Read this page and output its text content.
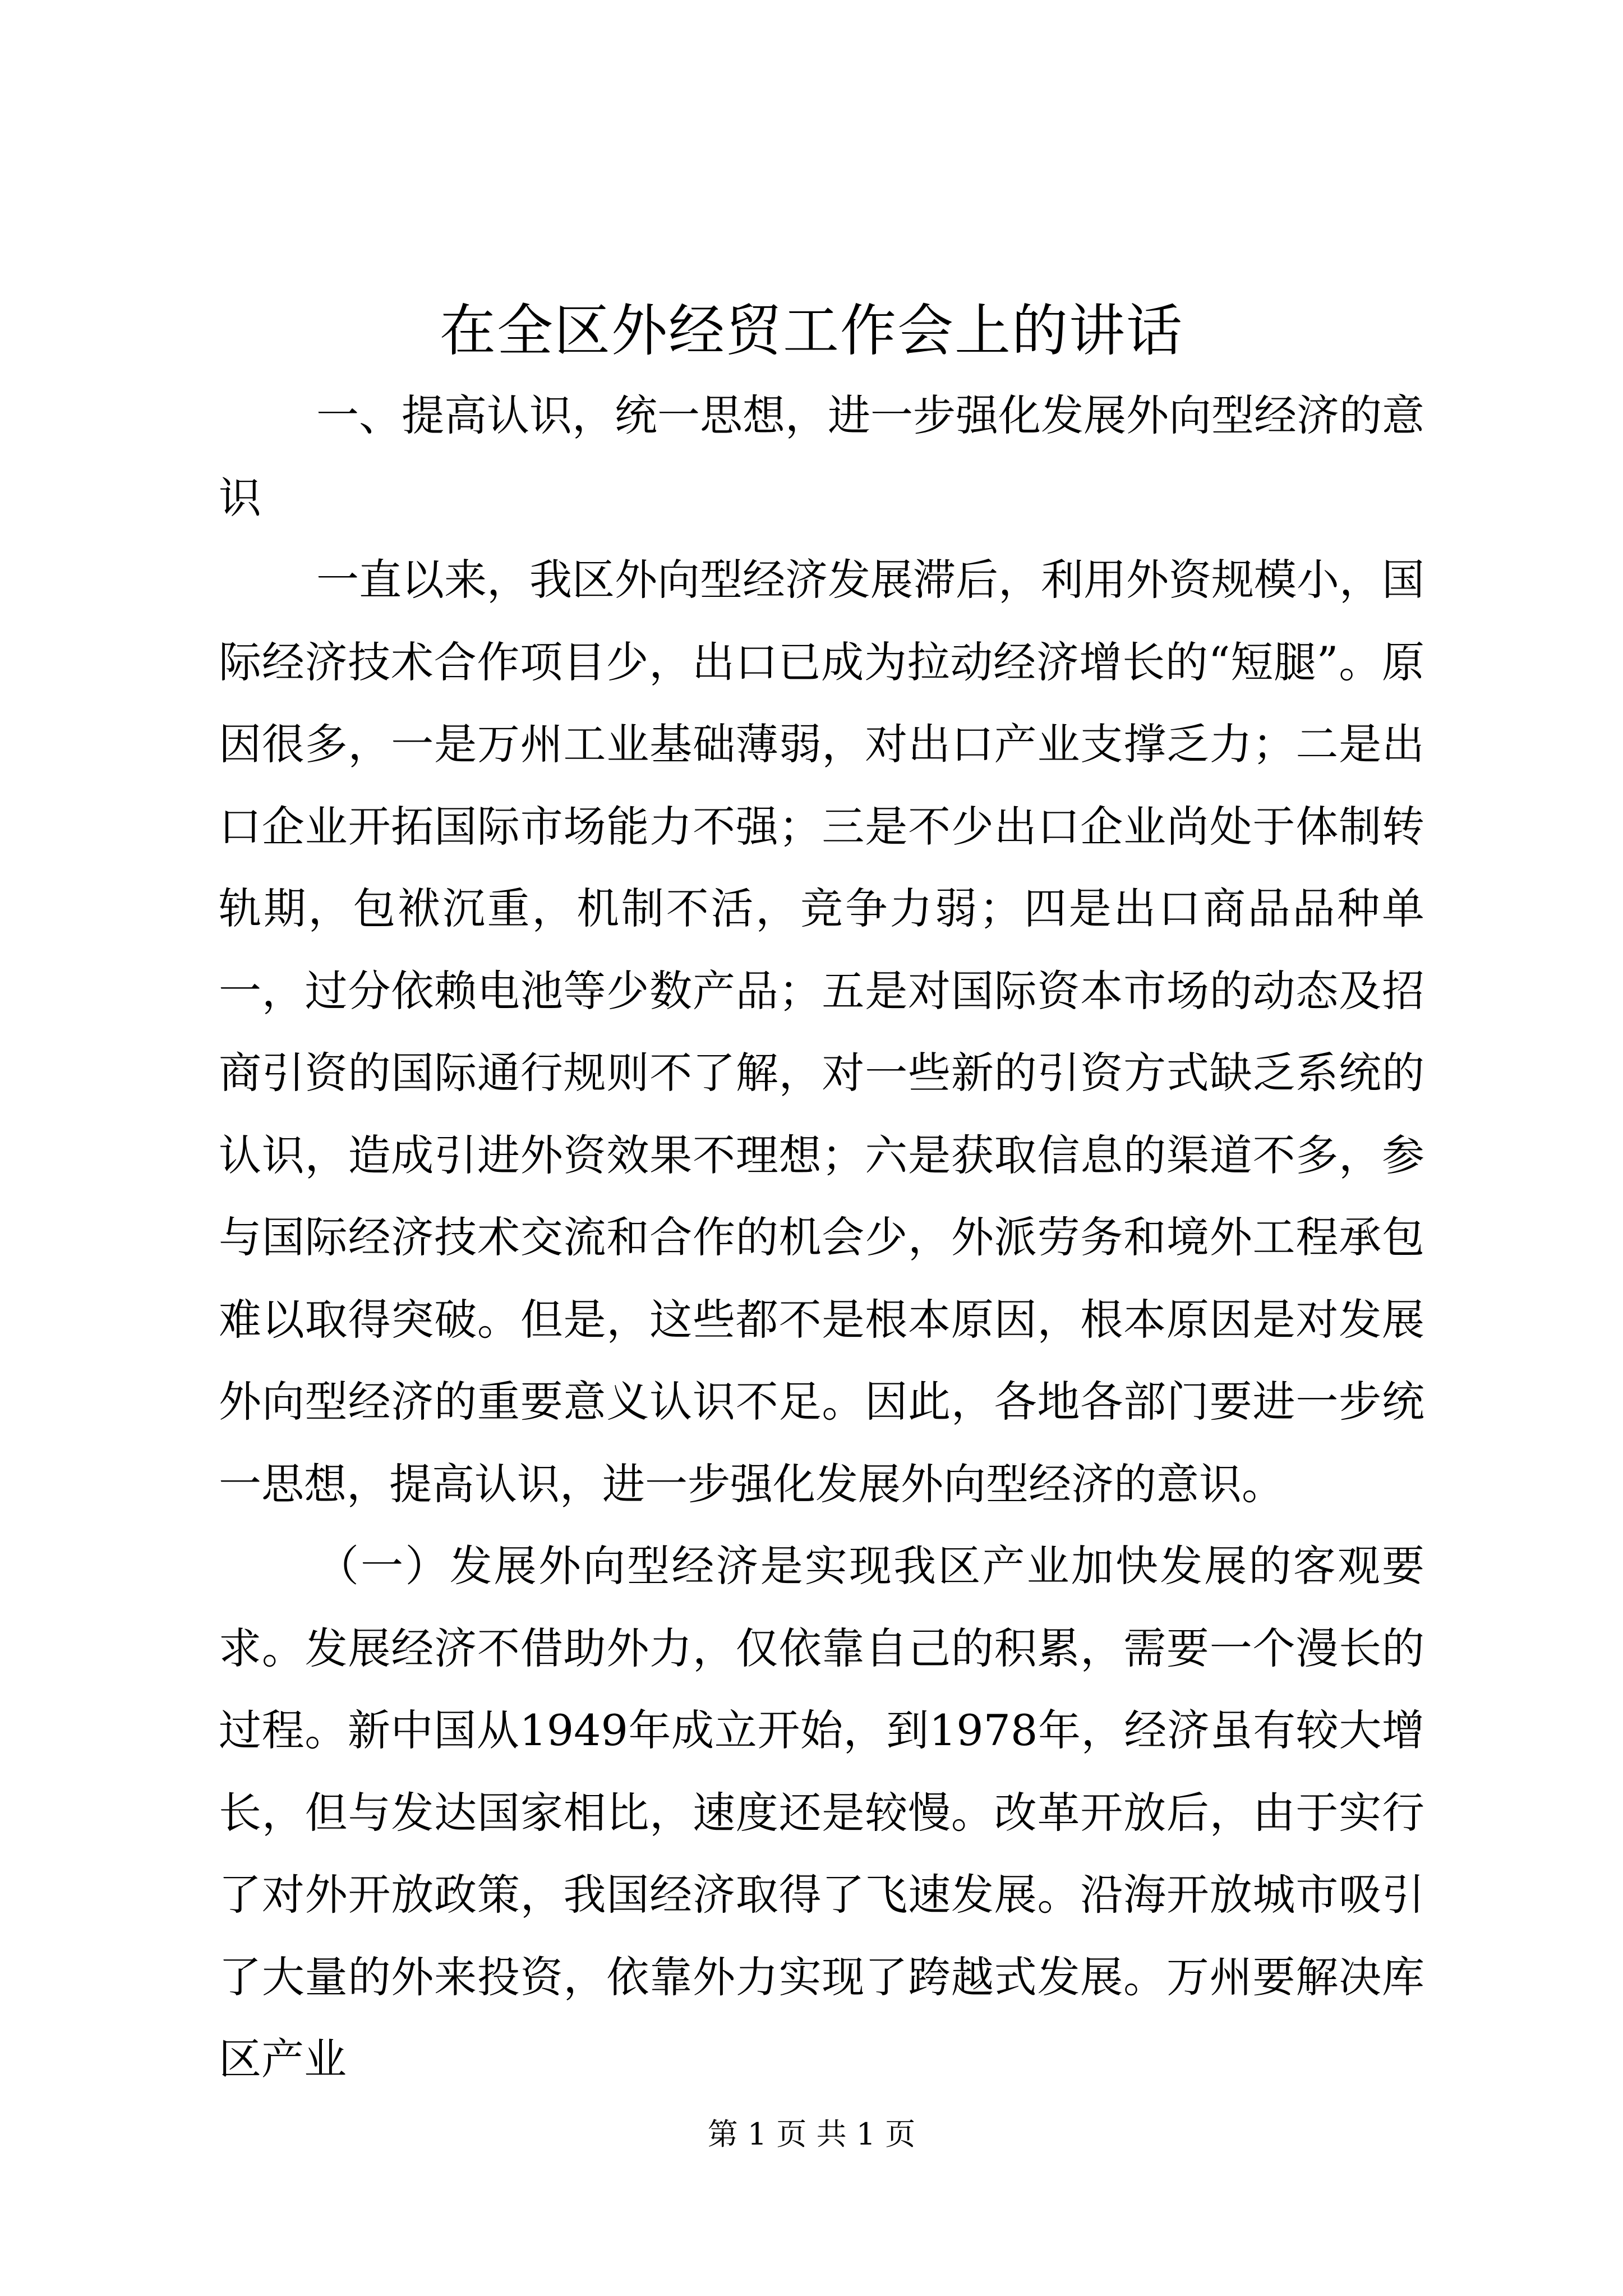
在全区外经贸工作会上的讲话

一、提高认识，统一思想，进一步强化发展外向型经济的意识

一直以来，我区外向型经济发展滞后，利用外资规模小，国际经济技术合作项目少，出口已成为拉动经济增长的“短腿”。原因很多，一是万州工业基础薄弱，对出口产业支撑乏力；二是出口企业开拓国际市场能力不强；三是不少出口企业尚处于体制转轨期，包袱沉重，机制不活，竞争力弱；四是出口商品品种单一，过分依赖电池等少数产品；五是对国际资本市场的动态及招商引资的国际通行规则不了解，对一些新的引资方式缺乏系统的认识，造成引进外资效果不理想；六是获取信息的渠道不多，参与国际经济技术交流和合作的机会少，外派劳务和境外工程承包难以取得突破。但是，这些都不是根本原因，根本原因是对发展外向型经济的重要意义认识不足。因此，各地各部门要进一步统一思想，提高认识，进一步强化发展外向型经济的意识。

（一）发展外向型经济是实现我区产业加快发展的客观要求。发展经济不借助外力，仅依靠自己的积累，需要一个漫长的过程。新中国从1949年成立开始，到1978年，经济虽有较大增长，但与发达国家相比，速度还是较慢。改革开放后，由于实行了对外开放政策，我国经济取得了飞速发展。沿海开放城市吸引了大量的外来投资，依靠外力实现了跨越式发展。万州要解决库区产业

第 1 页 共 1 页
